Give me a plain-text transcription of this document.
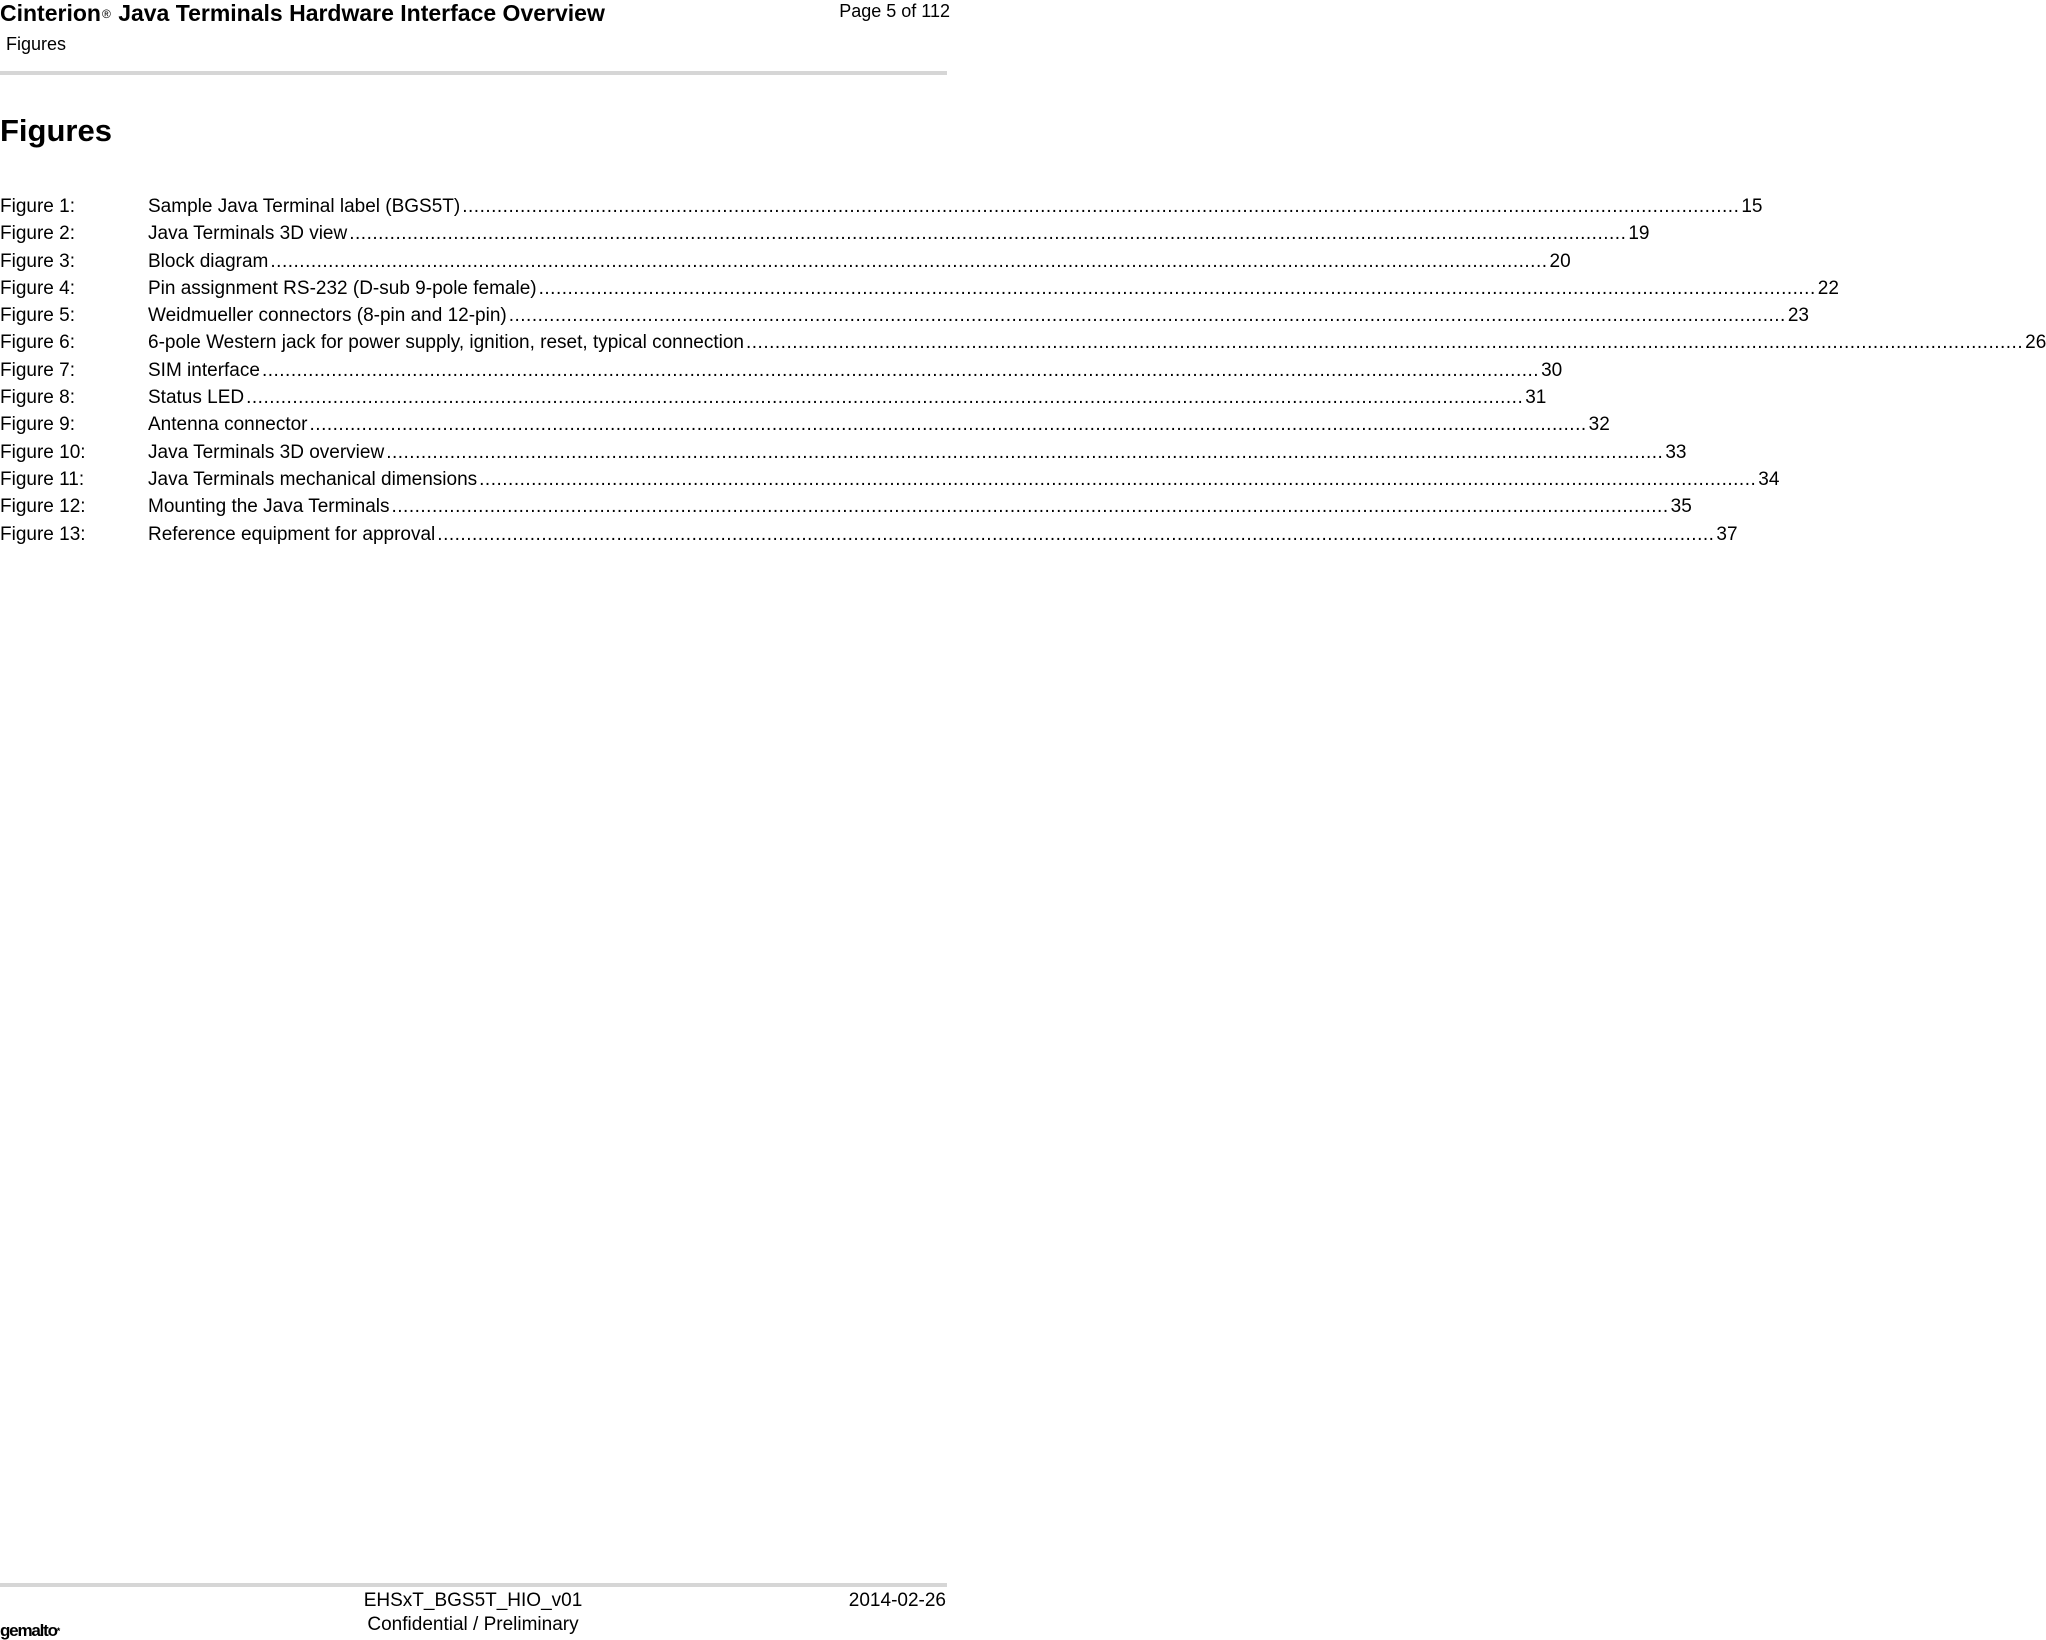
Cinterion® Java Terminals Hardware Interface Overview
Figures
Page 5 of 112
Figures
Figure 1:	Sample Java Terminal label (BGS5T) .....	15
Figure 2:	Java Terminals 3D view .....	19
Figure 3:	Block diagram .....	20
Figure 4:	Pin assignment RS-232 (D-sub 9-pole female) .....	22
Figure 5:	Weidmueller connectors (8-pin and 12-pin) .....	23
Figure 6:	6-pole Western jack for power supply, ignition, reset, typical connection .....	26
Figure 7:	SIM interface .....	30
Figure 8:	Status LED .....	31
Figure 9:	Antenna connector .....	32
Figure 10:	Java Terminals 3D overview .....	33
Figure 11:	Java Terminals mechanical dimensions .....	34
Figure 12:	Mounting the Java Terminals .....	35
Figure 13:	Reference equipment for approval .....	37
gemalto*
EHSxT_BGS5T_HIO_v01
Confidential / Preliminary
2014-02-26
